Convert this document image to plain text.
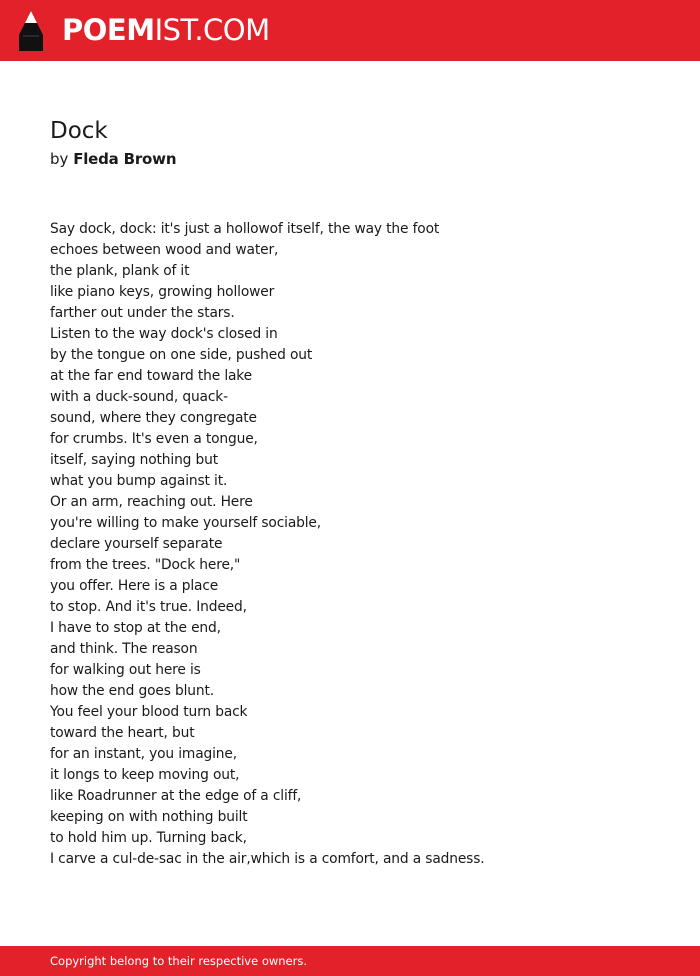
POEMIST.COM
Dock
by Fleda Brown
Say dock, dock: it's just a hollowof itself, the way the foot
echoes between wood and water,
the plank, plank of it
like piano keys, growing hollower
farther out under the stars.
Listen to the way dock's closed in
by the tongue on one side, pushed out
at the far end toward the lake
with a duck-sound, quack-
sound, where they congregate
for crumbs. It's even a tongue,
itself, saying nothing but
what you bump against it.
Or an arm, reaching out. Here
you're willing to make yourself sociable,
declare yourself separate
from the trees. "Dock here,"
you offer. Here is a place
to stop. And it's true. Indeed,
I have to stop at the end,
and think. The reason
for walking out here is
how the end goes blunt.
You feel your blood turn back
toward the heart, but
for an instant, you imagine,
it longs to keep moving out,
like Roadrunner at the edge of a cliff,
keeping on with nothing built
to hold him up. Turning back,
I carve a cul-de-sac in the air,which is a comfort, and a sadness.
Copyright belong to their respective owners.
